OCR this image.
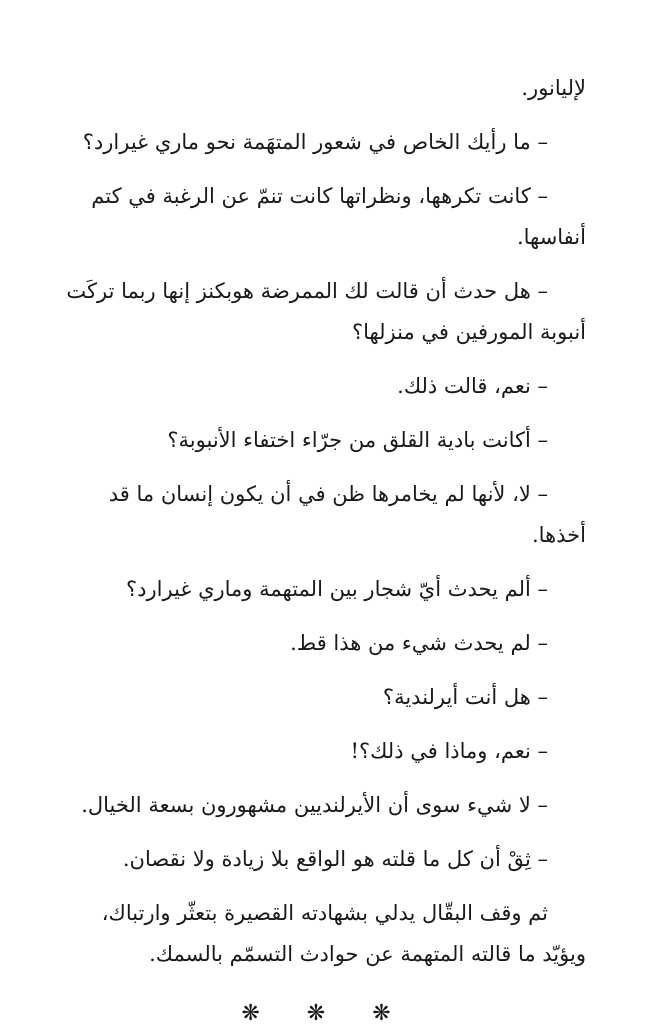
لإليانور.

– ما رأيك الخاص في شعور المتهَمة نحو ماري غيرارد؟

– كانت تكرهها، ونظراتها كانت تنمّ عن الرغبة في كتم أنفاسها.

– هل حدث أن قالت لك الممرضة هوبكنز إنها ربما تركَت أنبوبة المورفين في منزلها؟

– نعم، قالت ذلك.

– أكانت بادية القلق من جرّاء اختفاء الأنبوبة؟

– لا، لأنها لم يخامرها ظن في أن يكون إنسان ما قد أخذها.

– ألم يحدث أيّ شجار بين المتهمة وماري غيرارد؟

– لم يحدث شيء من هذا قط.

– هل أنت أيرلندية؟

– نعم، وماذا في ذلك؟!

– لا شيء سوى أن الأيرلنديين مشهورون بسعة الخيال.

– ثِقْ أن كل ما قلته هو الواقع بلا زيادة ولا نقصان.

ثم وقف البقّال يدلي بشهادته القصيرة بتعثّر وارتباك، ويؤيّد ما قالته المتهمة عن حوادث التسمّم بالسمك.

❋ ❋ ❋
